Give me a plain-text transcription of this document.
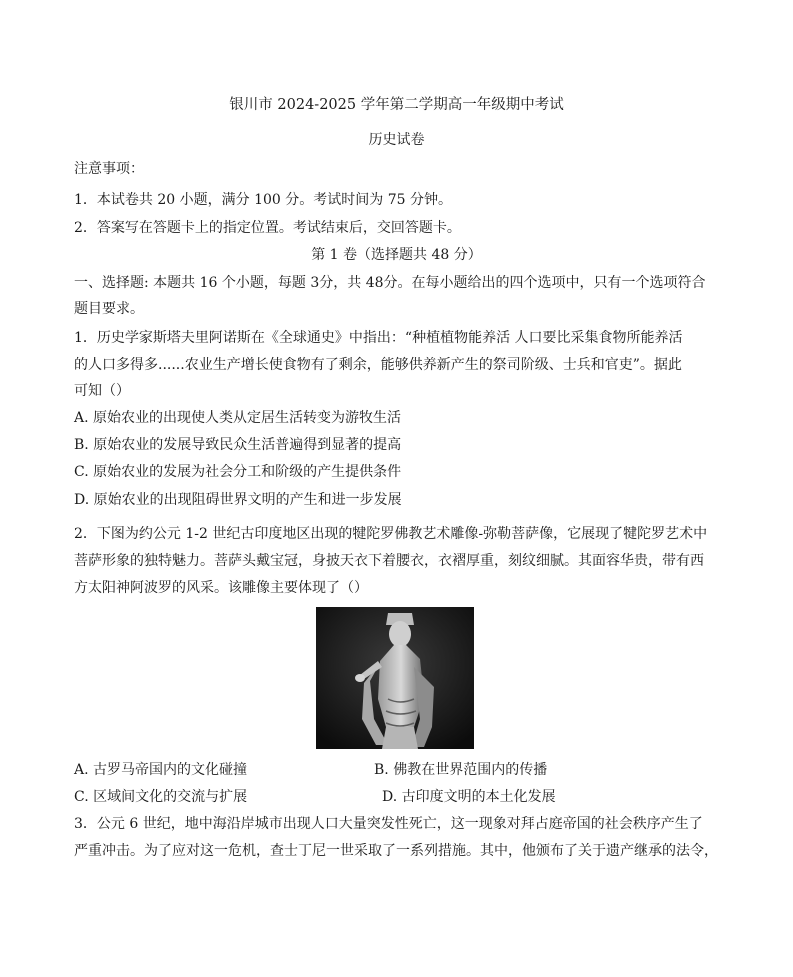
银川市 2024-2025 学年第二学期高一年级期中考试
历史试卷
注意事项：
1．本试卷共 20 小题，满分 100 分。考试时间为 75 分钟。
2．答案写在答题卡上的指定位置。考试结束后，交回答题卡。
第 1 卷（选择题共 48 分）
一、选择题: 本题共 16 个小题，每题 3分，共 48分。在每小题给出的四个选项中，只有一个选项符合
题目要求。
1．历史学家斯塔夫里阿诺斯在《全球通史》中指出：“种植植物能养活 人口要比采集食物所能养活
的人口多得多......农业生产增长使食物有了剩余，能够供养新产生的祭司阶级、士兵和官吏”。据此
可知（）
A. 原始农业的出现使人类从定居生活转变为游牧生活
B. 原始农业的发展导致民众生活普遍得到显著的提高
C. 原始农业的发展为社会分工和阶级的产生提供条件
D. 原始农业的出现阻碍世界文明的产生和进一步发展
2．下图为约公元 1-2 世纪古印度地区出现的犍陀罗佛教艺术雕像-弥勒菩萨像，它展现了犍陀罗艺术中
菩萨形象的独特魅力。菩萨头戴宝冠，身披天衣下着腰衣，衣褶厚重，刻纹细腻。其面容华贵，带有西
方太阳神阿波罗的风采。该雕像主要体现了（）
A. 古罗马帝国内的文化碰撞	B. 佛教在世界范围内的传播
C. 区域间文化的交流与扩展	D. 古印度文明的本土化发展
3．公元 6 世纪，地中海沿岸城市出现人口大量突发性死亡，这一现象对拜占庭帝国的社会秩序产生了
严重冲击。为了应对这一危机，查士丁尼一世采取了一系列措施。其中，他颁布了关于遗产继承的法令，
